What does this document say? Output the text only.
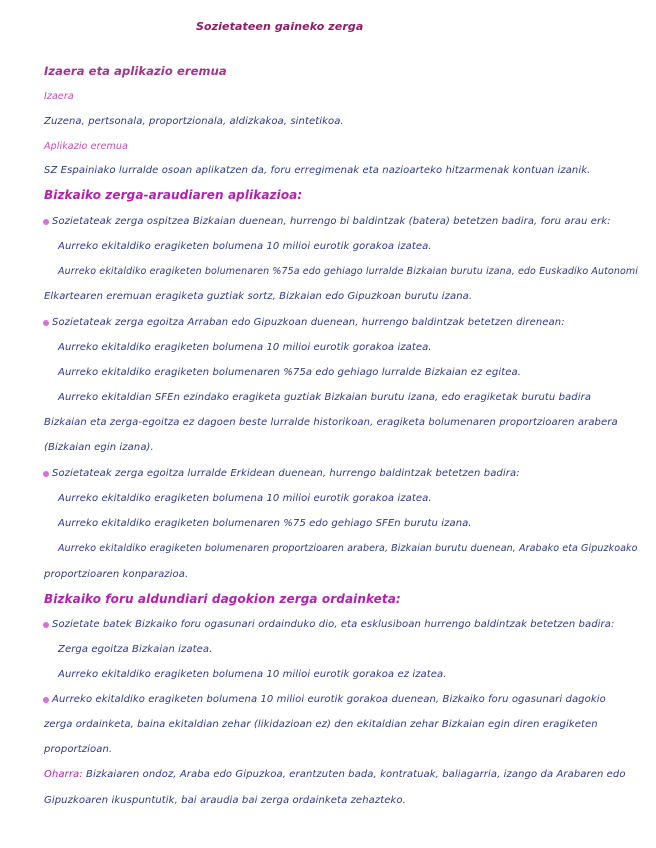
Sozietateen gaineko zerga
Izaera eta aplikazio eremua
Izaera
Zuzena, pertsonala, proportzionala, aldizkakoa, sintetikoa.
Aplikazio eremua
SZ Espainiako lurralde osoan aplikatzen da, foru erregimenak eta nazioarteko hitzarmenak kontuan izanik.
Bizkaiko zerga-araudiaren aplikazioa:
Sozietateak zerga ospitzea Bizkaian duenean, hurrengo bi baldintzak (batera) betetzen badira, foru arau erk:
Aurreko ekitaldiko eragiketen bolumena 10 milioi eurotik gorakoa izatea.
Aurreko ekitaldiko eragiketen bolumenaren %75a edo gehiago lurralde Bizkaian burutu izana, edo Euskadiko Autonomi
Elkartearen eremuan eragiketa guztiak sortz, Bizkaian edo Gipuzkoan burutu izana.
Sozietateak zerga egoitza Arraban edo Gipuzkoan duenean, hurrengo baldintzak betetzen direnean:
Aurreko ekitaldiko eragiketen bolumena 10 milioi eurotik gorakoa izatea.
Aurreko ekitaldiko eragiketen bolumenaren %75a edo gehiago lurralde Bizkaian ez egitea.
Aurreko ekitaldian SFEn ezindako eragiketa guztiak Bizkaian burutu izana, edo eragiketak burutu badira
Bizkaian eta zerga-egoitza ez dagoen beste lurralde historikoan, eragiketa bolumenaren proportzioaren arabera
(Bizkaian egin izana).
Sozietateak zerga egoitza lurralde Erkidean duenean, hurrengo baldintzak betetzen badira:
Aurreko ekitaldiko eragiketen bolumena 10 milioi eurotik gorakoa izatea.
Aurreko ekitaldiko eragiketen bolumenaren %75 edo gehiago SFEn burutu izana.
Aurreko ekitaldiko eragiketen bolumenaren proportzioaren arabera, Bizkaian burutu duenean, Arabako eta Gipuzkoako
proportzioaren konparazioa.
Bizkaiko foru aldundiari dagokion zerga ordainketa:
Sozietate batek Bizkaiko foru ogasunari ordainduko dio, eta esklusiboan hurrengo baldintzak betetzen badira:
Zerga egoitza Bizkaian izatea.
Aurreko ekitaldiko eragiketen bolumena 10 milioi eurotik gorakoa ez izatea.
Aurreko ekitaldiko eragiketen bolumena 10 milioi eurotik gorakoa duenean, Bizkaiko foru ogasunari dagokio
zerga ordainketa, baina ekitaldian zehar (likidazioan ez) den ekitaldian zehar Bizkaian egin diren eragiketen
proportzioan.
Oharra: Bizkaiaren ondoz, Araba edo Gipuzkoa, erantzuten bada, kontratuak, baliagarria, izango da Arabaren edo
Gipuzkoaren ikuspuntutik, bai araudia bai zerga ordainketa zehazteko.
